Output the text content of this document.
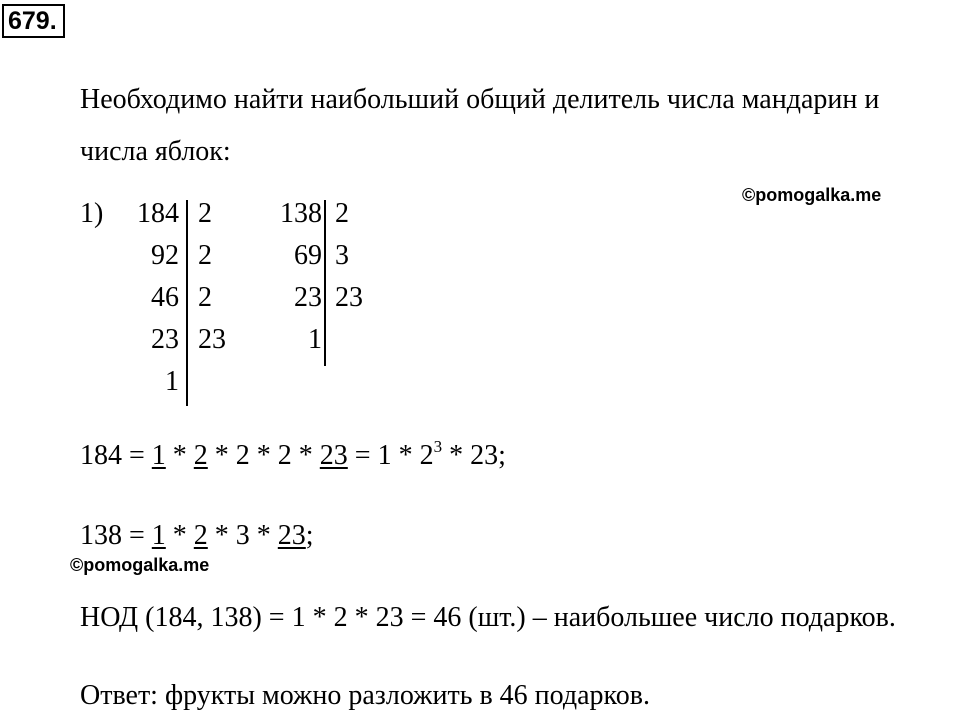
679.
Необходимо найти наибольший общий делитель числа мандарин и
числа яблок:
©pomogalka.me
1)	184
92
46
23
1
2
2
2
23
138
69
23
1
2
3
23
$184 = 1 * 2 * 2 * 2 * 23 = 1 * 2^3 * 23$;
138 = 1 * 2 * 3 * 23;
©pomogalka.me
НОД (184, 138) = 1 * 2 * 23 = 46 (шт.) – наибольшее число подарков.
Ответ: фрукты можно разложить в 46 подарков.
